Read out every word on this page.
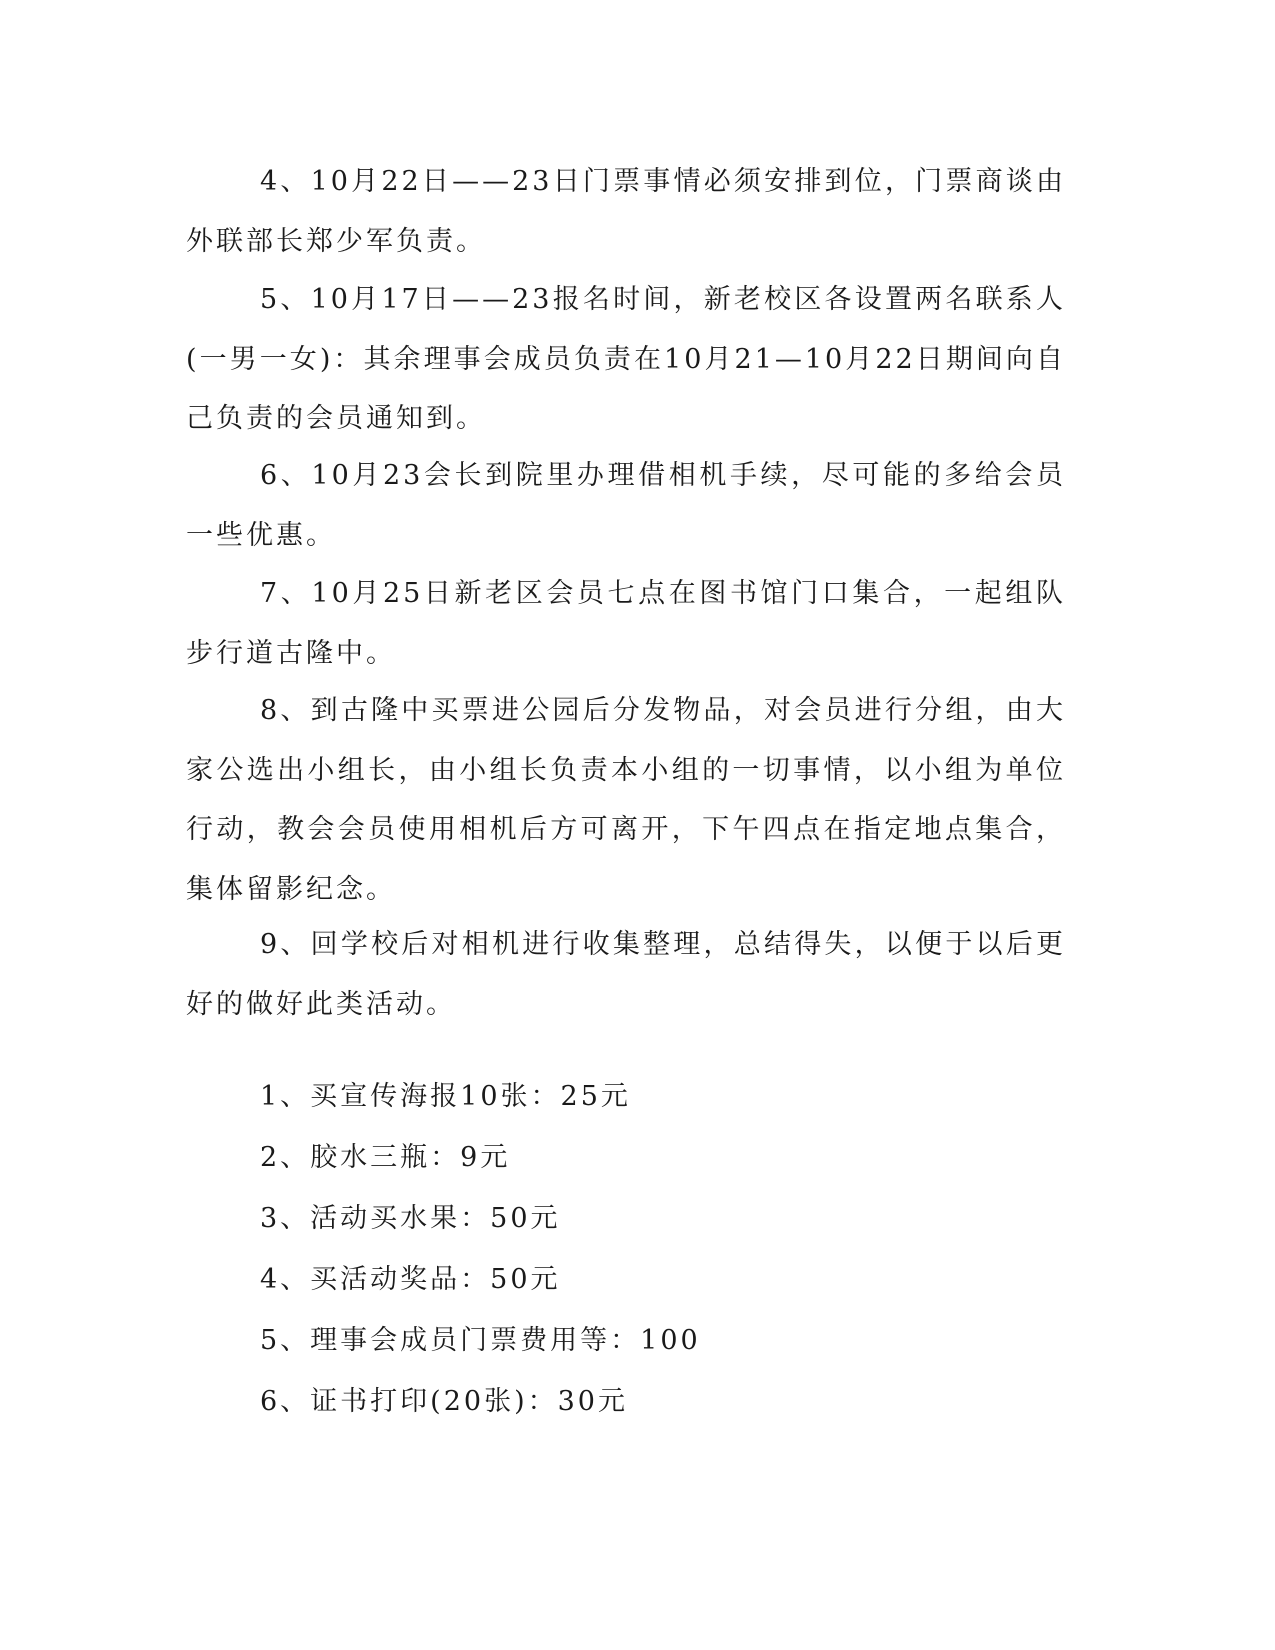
4、10月22日——23日门票事情必须安排到位，门票商谈由外联部长郑少军负责。

5、10月17日——23报名时间，新老校区各设置两名联系人(一男一女)：其余理事会成员负责在10月21—10月22日期间向自己负责的会员通知到。

6、10月23会长到院里办理借相机手续，尽可能的多给会员一些优惠。

7、10月25日新老区会员七点在图书馆门口集合，一起组队步行道古隆中。

8、到古隆中买票进公园后分发物品，对会员进行分组，由大家公选出小组长，由小组长负责本小组的一切事情，以小组为单位行动，教会会员使用相机后方可离开，下午四点在指定地点集合，集体留影纪念。

9、回学校后对相机进行收集整理，总结得失，以便于以后更好的做好此类活动。

1、买宣传海报10张：25元
2、胶水三瓶：9元
3、活动买水果：50元
4、买活动奖品：50元
5、理事会成员门票费用等：100
6、证书打印(20张)：30元
